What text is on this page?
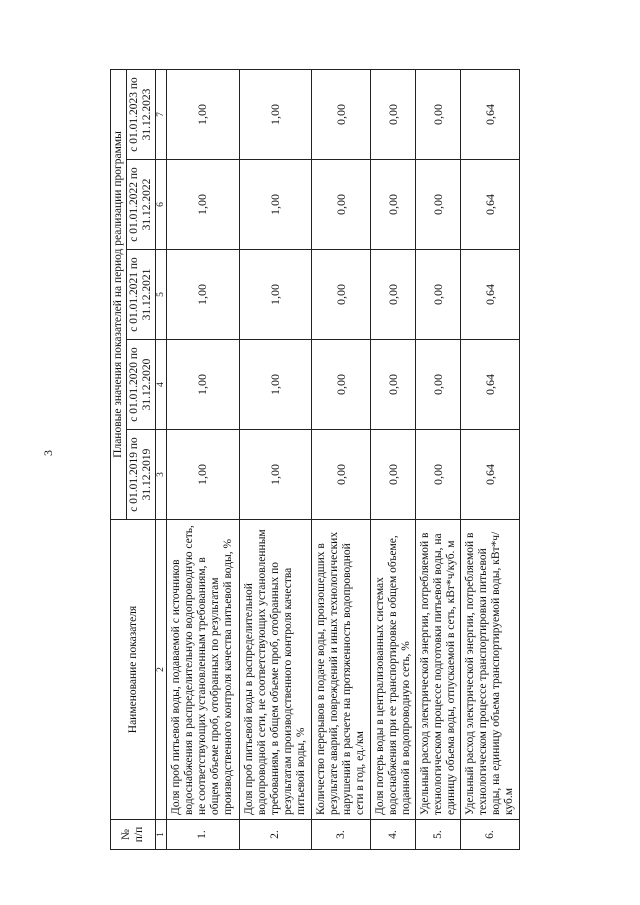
3
№ п/п	Наименование показателя	Плановые значения показателей на период реализации программы				
		с 01.01.2019 по 31.12.2019	с 01.01.2020 по 31.12.2020	с 01.01.2021 по 31.12.2021	с 01.01.2022 по 31.12.2022	с 01.01.2023 по 31.12.2023
1	2	3	4	5	6	7
1.	Доля проб питьевой воды, подаваемой с источников водоснабжения в распределительную водопроводную сеть, не соответствующих установленным требованиям, в общем объеме проб, отобранных по результатам производственного контроля качества питьевой воды, %	1,00	1,00	1,00	1,00	1,00
2.	Доля проб питьевой воды в распределительной водопроводной сети, не соответствующих установленным требованиям, в общем объеме проб, отобранных по результатам производственного контроля качества питьевой воды, %	1,00	1,00	1,00	1,00	1,00
3.	Количество перерывов в подаче воды, произошедших в результате аварий, повреждений и иных технологических нарушений в расчете на протяженность водопроводной сети в год, ед./км	0,00	0,00	0,00	0,00	0,00
4.	Доля потерь воды в централизованных системах водоснабжения при ее транспортировке в общем объеме, поданной в водопроводную сеть, %	0,00	0,00	0,00	0,00	0,00
5.	Удельный расход электрической энергии, потребляемой в технологическом процессе подготовки питьевой воды, на единицу объема воды, отпускаемой в сеть, кВт*ч/куб. м	0,00	0,00	0,00	0,00	0,00
6.	Удельный расход электрической энергии, потребляемой в технологическом процессе транспортировки питьевой воды, на единицу объема транспортируемой воды, кВт*ч/куб.м	0,64	0,64	0,64	0,64	0,64
